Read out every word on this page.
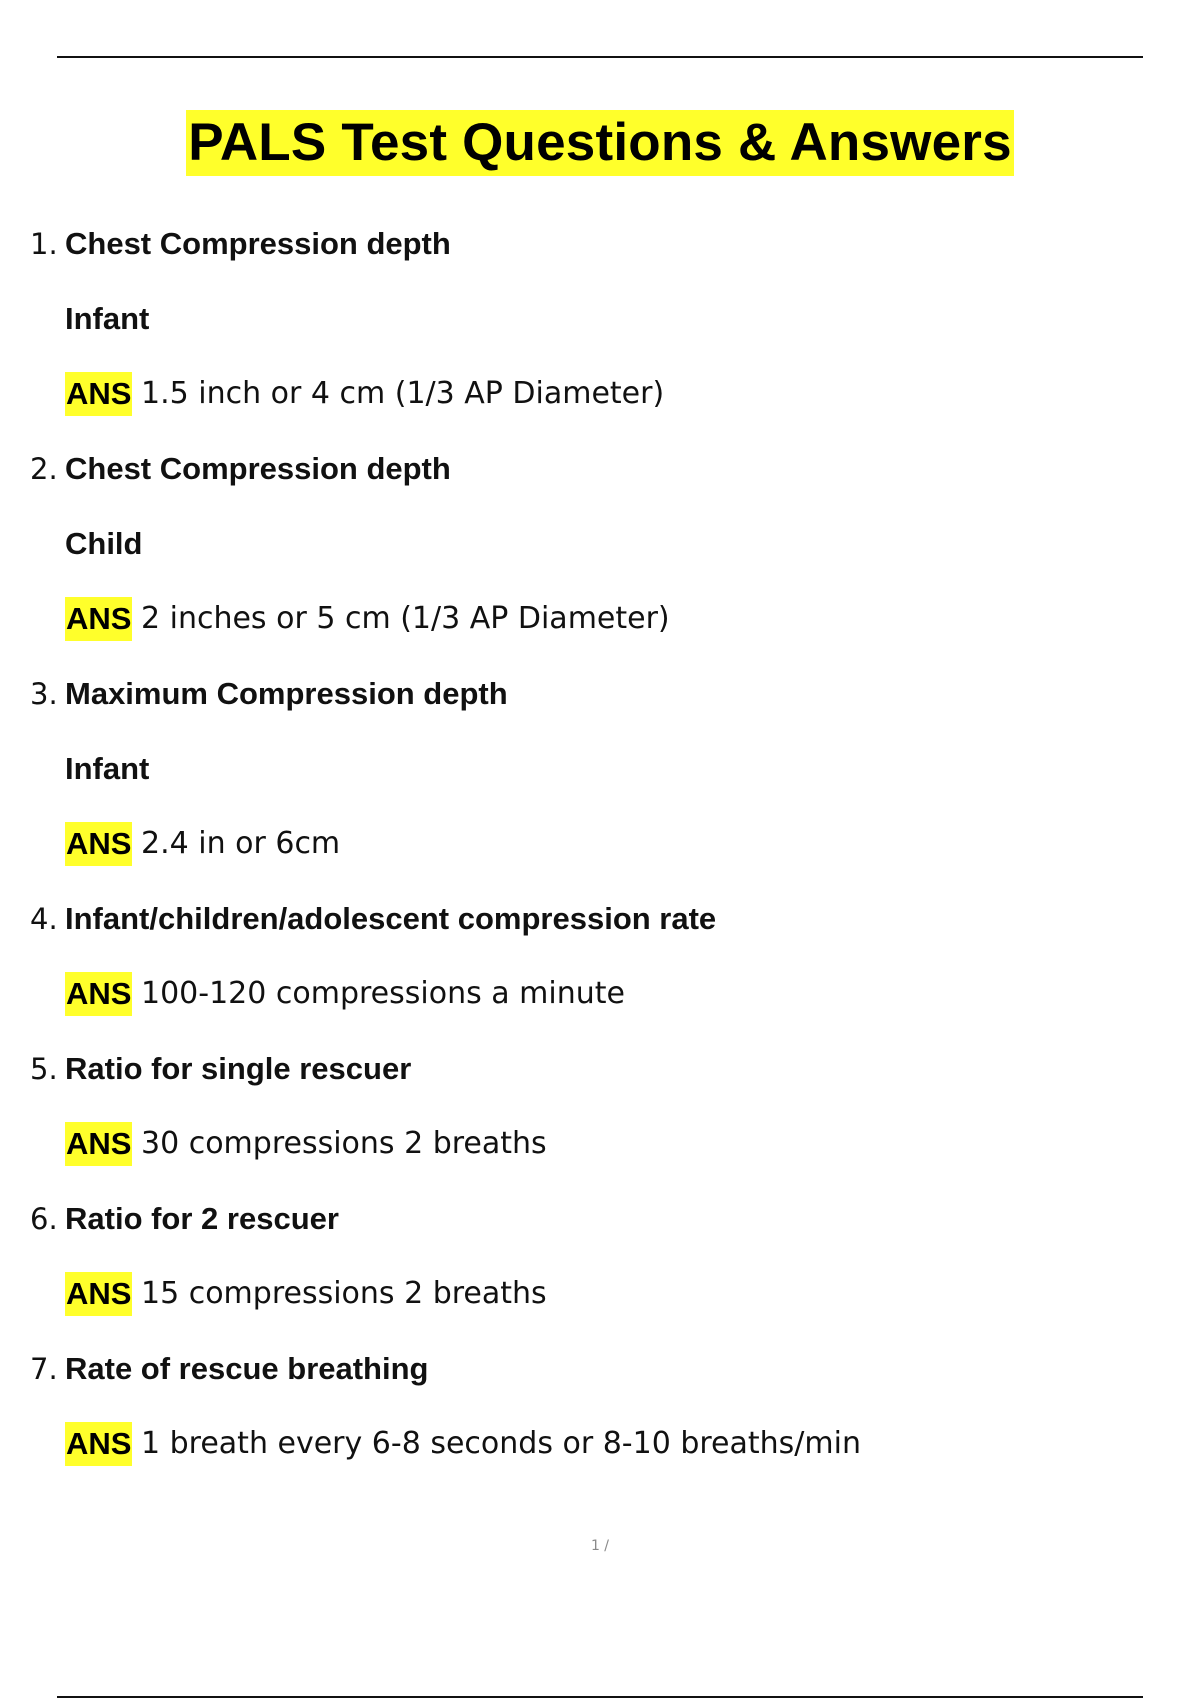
PALS Test Questions & Answers
1. Chest Compression depth
Infant
ANS 1.5 inch or 4 cm (1/3 AP Diameter)
2. Chest Compression depth
Child
ANS 2 inches or 5 cm (1/3 AP Diameter)
3. Maximum Compression depth
Infant
ANS 2.4 in or 6cm
4. Infant/children/adolescent compression rate
ANS 100-120 compressions a minute
5. Ratio for single rescuer
ANS 30 compressions 2 breaths
6. Ratio for 2 rescuer
ANS 15 compressions 2 breaths
7. Rate of rescue breathing
ANS 1 breath every 6-8 seconds or 8-10 breaths/min
1 /
